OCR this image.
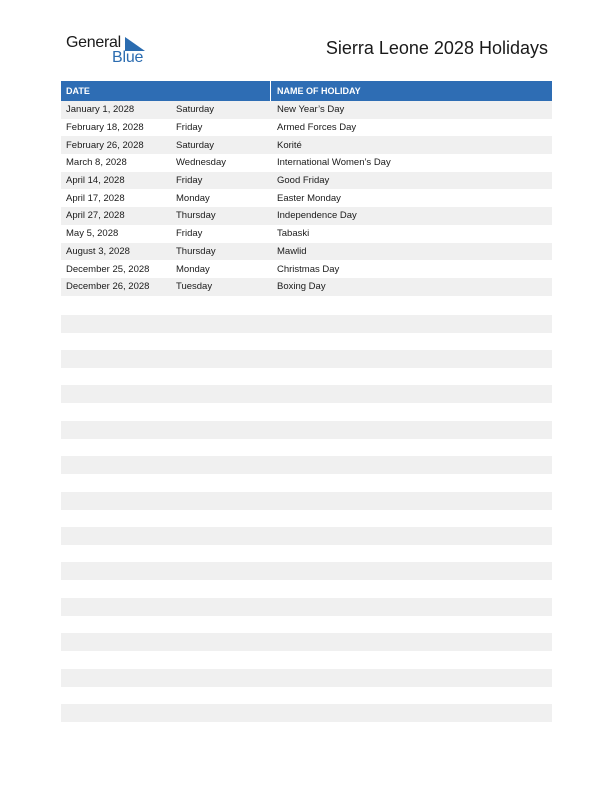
General
Blue	Sierra Leone 2028 Holidays
DATE	NAME OF HOLIDAY
January 1, 2028	Saturday	New Year’s Day
February 18, 2028	Friday	Armed Forces Day
February 26, 2028	Saturday	Korité
March 8, 2028	Wednesday	International Women’s Day
April 14, 2028	Friday	Good Friday
April 17, 2028	Monday	Easter Monday
April 27, 2028	Thursday	Independence Day
May 5, 2028	Friday	Tabaski
August 3, 2028	Thursday	Mawlid
December 25, 2028	Monday	Christmas Day
December 26, 2028	Tuesday	Boxing Day
